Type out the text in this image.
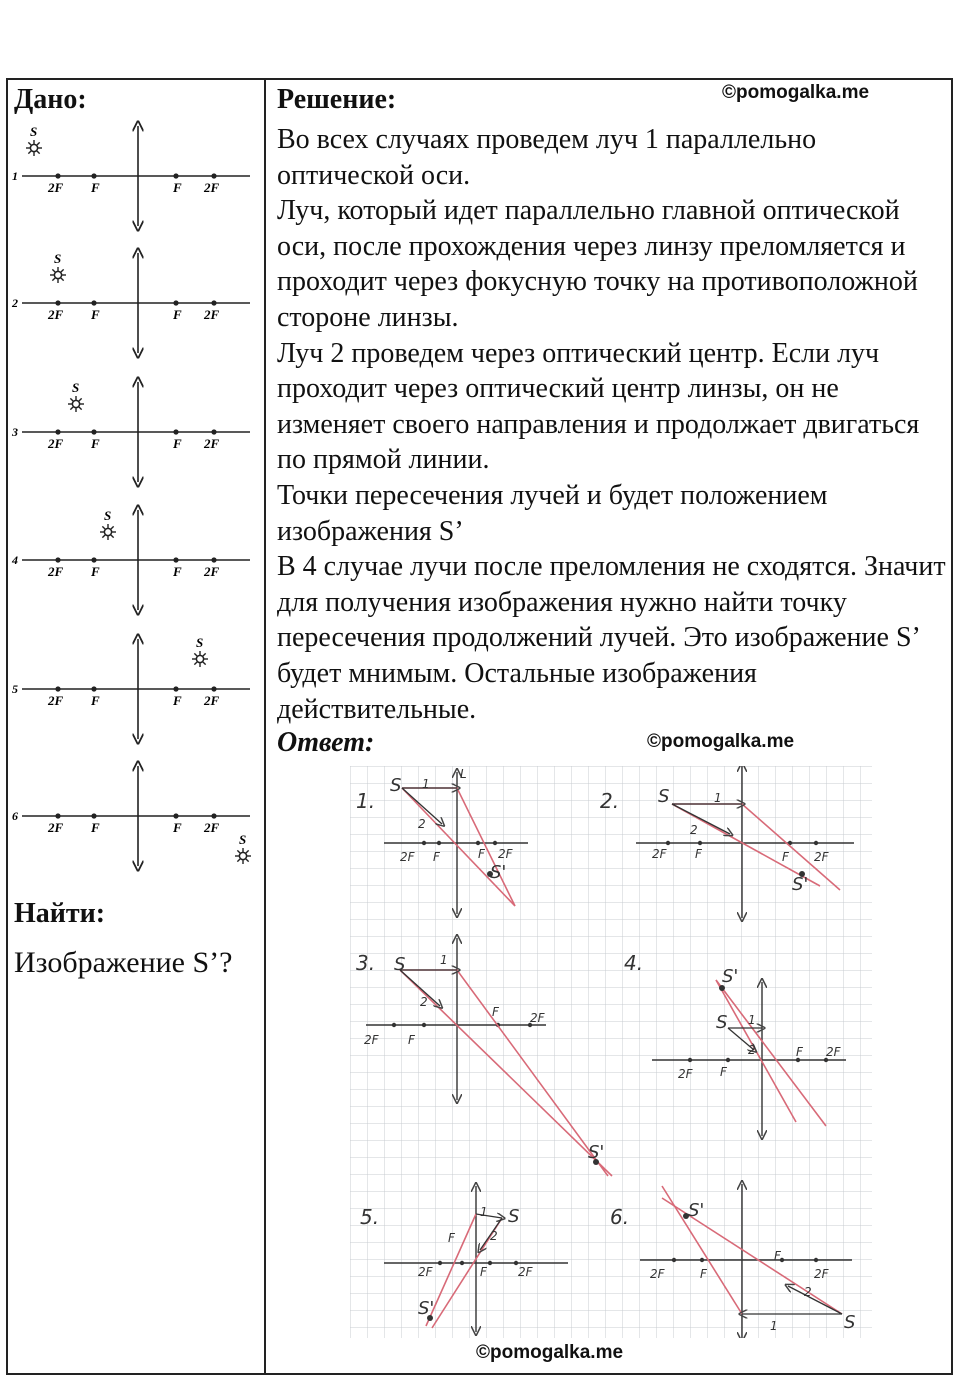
Дано:
1
2F F	F 2F
S
2
2F F	F 2F
S
3
2F F	F 2F
S
4
2F F	F 2F
S
5
2F F	F 2F
S
6
2F F	F 2F
S
Найти:
Изображение S’?
Решение:

Во всех случаях проведем луч 1 параллельно оптической оси.

Луч, который идет параллельно главной оптической оси, после прохождения через линзу преломляется и проходит через фокусную точку на противоположной стороне линзы.

Луч 2 проведем через оптический центр. Если луч проходит через оптический центр линзы, он не изменяет своего направления и продолжает двигаться по прямой линии.

Точки пересечения лучей и будет положением изображения S’

В 4 случае лучи после преломления не сходятся. Значит для получения изображения нужно найти точку пересечения продолжений лучей. Это изображение S’ будет мнимым. Остальные изображения действительные.

Ответ:
©pomogalka.me
©pomogalka.me
©pomogalka.me
1.
S 1
2
L
2F F	F 2F
S'
2. S	1
2
2F F	F 2F
S'
3. S	1
2
2F F
F	2F
S'
4.
S'
S 1
2
2F F
F 2F
5.	1 S
2
F
2F	F	2F
S'
6.	S'
2F	F
F
2F
2
S
1
